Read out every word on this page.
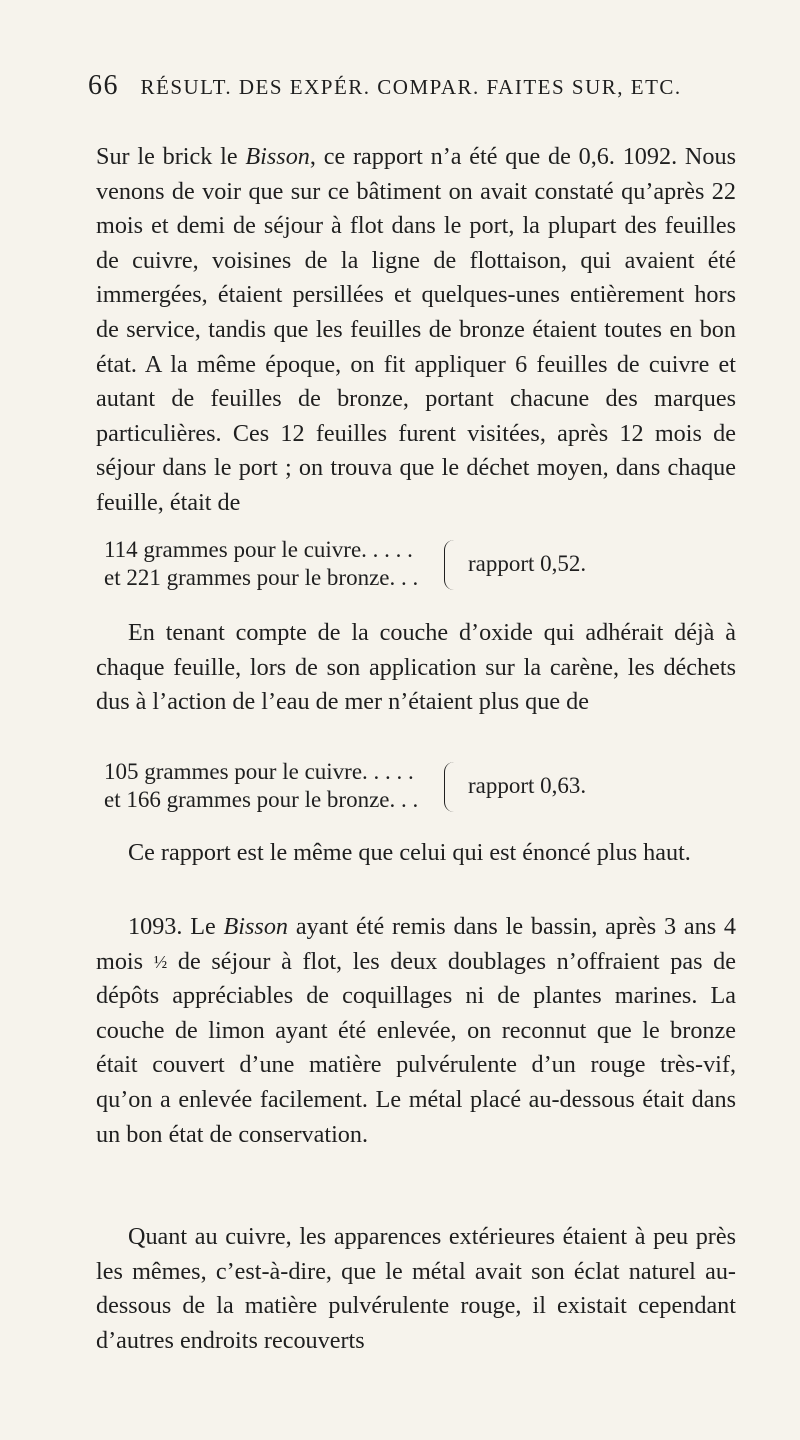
66 RÉSULT. DES EXPÉR. COMPAR. FAITES SUR, ETC.
Sur le brick le Bisson, ce rapport n’a été que de 0,6. 1092. Nous venons de voir que sur ce bâtiment on avait constaté qu’après 22 mois et demi de séjour à flot dans le port, la plupart des feuilles de cuivre, voisines de la ligne de flottaison, qui avaient été immergées, étaient persillées et quelques-unes entièrement hors de service, tandis que les feuilles de bronze étaient toutes en bon état. A la même époque, on fit appliquer 6 feuilles de cuivre et autant de feuilles de bronze, portant chacune des marques particulières. Ces 12 feuilles furent visitées, après 12 mois de séjour dans le port ; on trouva que le déchet moyen, dans chaque feuille, était de
114 grammes pour le cuivre. . . . .
et 221 grammes pour le bronze. . .
rapport 0,52.
En tenant compte de la couche d’oxide qui adhérait déjà à chaque feuille, lors de son application sur la carène, les déchets dus à l’action de l’eau de mer n’étaient plus que de
105 grammes pour le cuivre. . . . .
et 166 grammes pour le bronze. . .
rapport 0,63.
Ce rapport est le même que celui qui est énoncé plus haut.
1093. Le Bisson ayant été remis dans le bassin, après 3 ans 4 mois ½ de séjour à flot, les deux doublages n’offraient pas de dépôts appréciables de coquillages ni de plantes marines. La couche de limon ayant été enlevée, on reconnut que le bronze était couvert d’une matière pulvérulente d’un rouge très-vif, qu’on a enlevée facilement. Le métal placé au-dessous était dans un bon état de conservation.
Quant au cuivre, les apparences extérieures étaient à peu près les mêmes, c’est-à-dire, que le métal avait son éclat naturel au-dessous de la matière pulvérulente rouge, il existait cependant d’autres endroits recouverts
